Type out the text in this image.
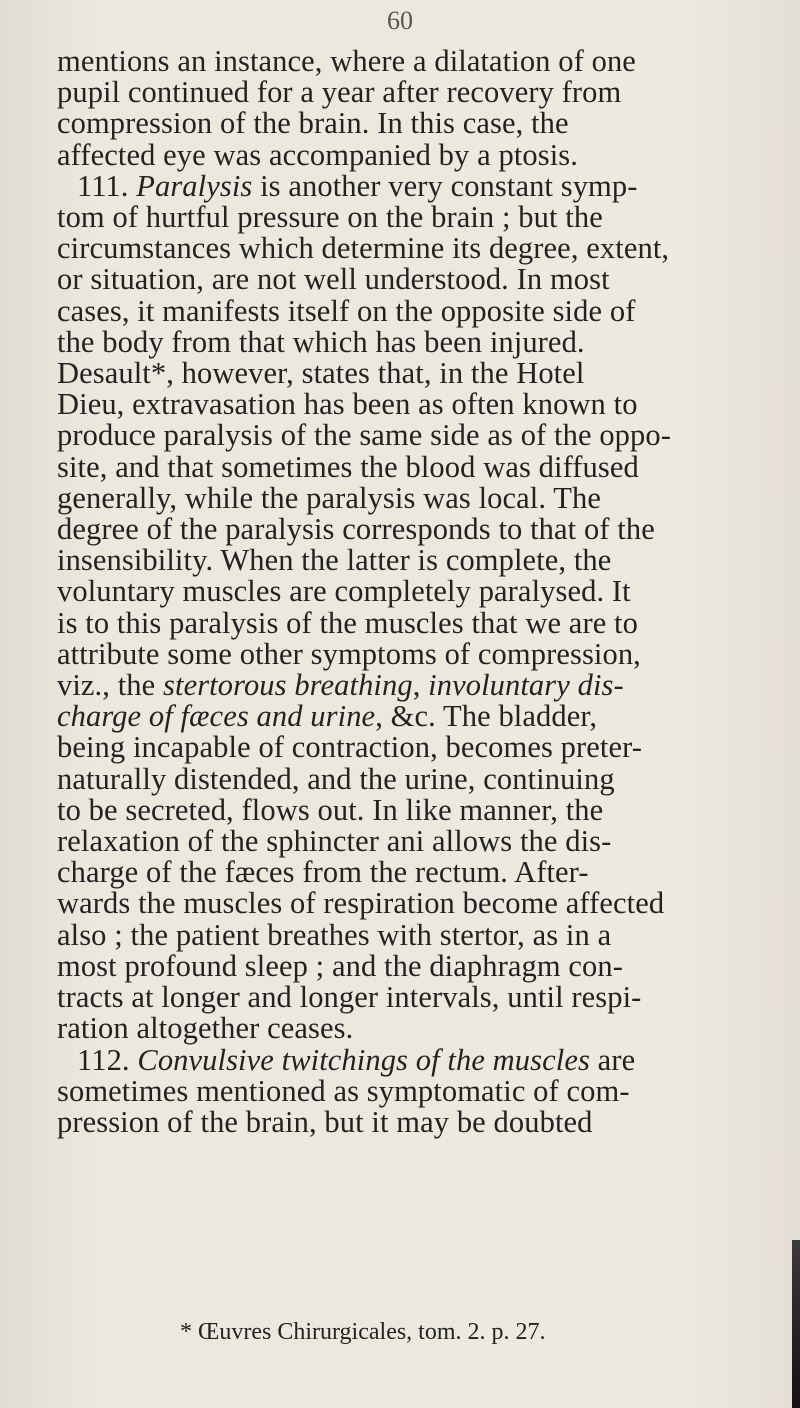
60
mentions an instance, where a dilatation of one
pupil continued for a year after recovery from
compression of the brain. In this case, the
affected eye was accompanied by a ptosis.
111. Paralysis is another very constant symp-
tom of hurtful pressure on the brain ; but the
circumstances which determine its degree, extent,
or situation, are not well understood. In most
cases, it manifests itself on the opposite side of
the body from that which has been injured.
Desault*, however, states that, in the Hotel
Dieu, extravasation has been as often known to
produce paralysis of the same side as of the oppo-
site, and that sometimes the blood was diffused
generally, while the paralysis was local. The
degree of the paralysis corresponds to that of the
insensibility. When the latter is complete, the
voluntary muscles are completely paralysed. It
is to this paralysis of the muscles that we are to
attribute some other symptoms of compression,
viz., the stertorous breathing, involuntary dis-
charge of fæces and urine, &c. The bladder,
being incapable of contraction, becomes preter-
naturally distended, and the urine, continuing
to be secreted, flows out. In like manner, the
relaxation of the sphincter ani allows the dis-
charge of the fæces from the rectum. After-
wards the muscles of respiration become affected
also ; the patient breathes with stertor, as in a
most profound sleep ; and the diaphragm con-
tracts at longer and longer intervals, until respi-
ration altogether ceases.
112. Convulsive twitchings of the muscles are
sometimes mentioned as symptomatic of com-
pression of the brain, but it may be doubted
* Œuvres Chirurgicales, tom. 2. p. 27.
